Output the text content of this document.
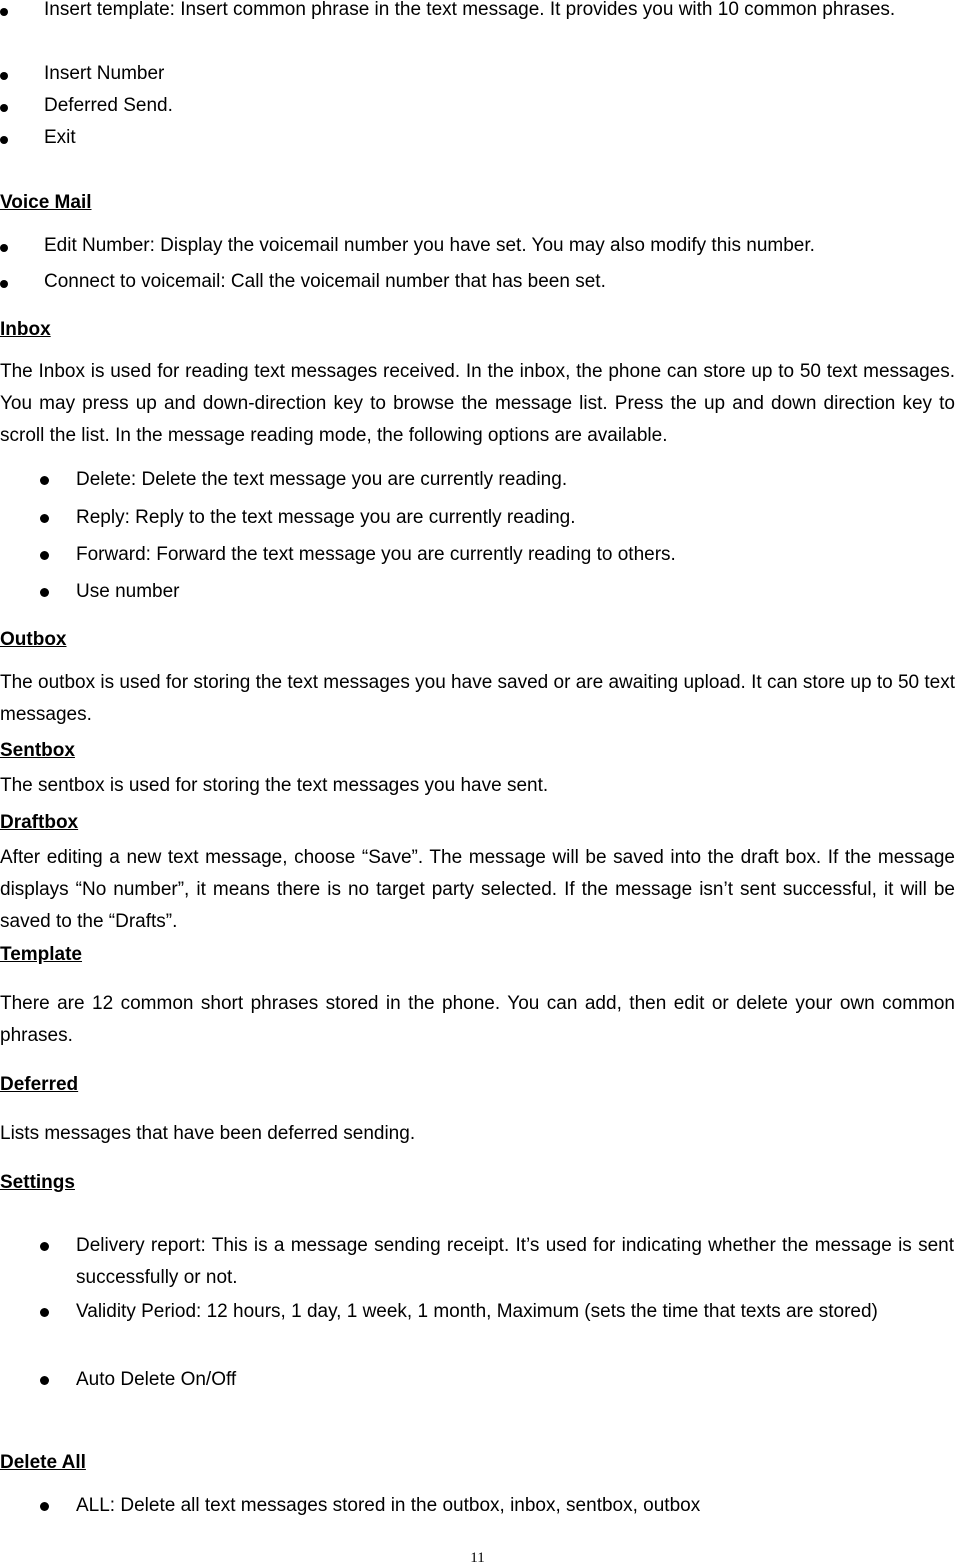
Insert template: Insert common phrase in the text message. It provides you with 10 common phrases.
Insert Number
Deferred Send.
Exit
Voice Mail
Edit Number: Display the voicemail number you have set. You may also modify this number.
Connect to voicemail: Call the voicemail number that has been set.
Inbox
The Inbox is used for reading text messages received. In the inbox, the phone can store up to 50 text messages. You may press up and down-direction key to browse the message list. Press the up and down direction key to scroll the list. In the message reading mode, the following options are available.
Delete: Delete the text message you are currently reading.
Reply: Reply to the text message you are currently reading.
Forward: Forward the text message you are currently reading to others.
Use number
Outbox
The outbox is used for storing the text messages you have saved or are awaiting upload. It can store up to 50 text messages.
Sentbox
The sentbox is used for storing the text messages you have sent.
Draftbox
After editing a new text message, choose “Save”. The message will be saved into the draft box. If the message displays “No number”, it means there is no target party selected. If the message isn’t sent successful, it will be saved to the “Drafts”.
Template
There are 12 common short phrases stored in the phone. You can add, then edit or delete your own common phrases.
Deferred
Lists messages that have been deferred sending.
Settings
Delivery report: This is a message sending receipt. It’s used for indicating whether the message is sent successfully or not.
Validity Period: 12 hours, 1 day, 1 week, 1 month, Maximum (sets the time that texts are stored)
Auto Delete On/Off
Delete All
ALL: Delete all text messages stored in the outbox, inbox, sentbox, outbox
11
